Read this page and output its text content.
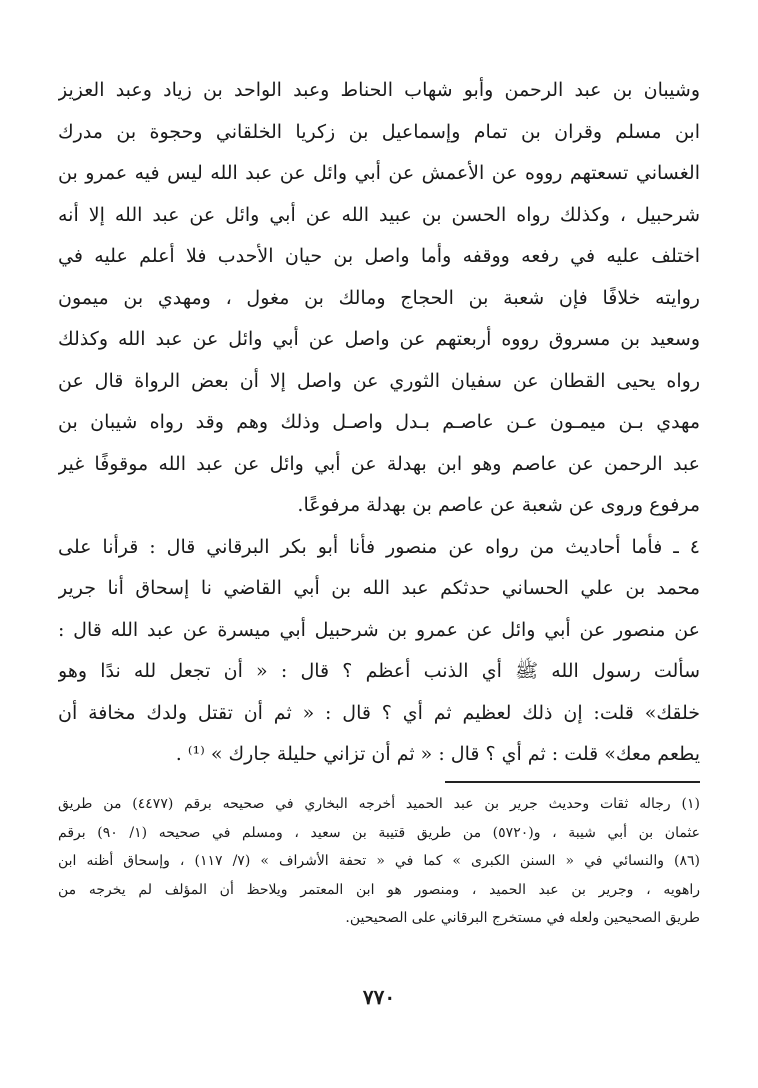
وشيبان بن عبد الرحمن وأبو شهاب الحناط وعبد الواحد بن زياد وعبد العزيز
ابن مسلم وقران بن تمام وإسماعيل بن زكريا الخلقاني وحجوة بن مدرك
الغساني تسعتهم رووه عن الأعمش عن أبي وائل عن عبد الله ليس فيه عمرو بن
شرحبيل ، وكذلك رواه الحسن بن عبيد الله عن أبي وائل عن عبد الله إلا أنه
اختلف عليه في رفعه ووقفه وأما واصل بن حيان الأحدب فلا أعلم عليه في
روايته خلافًا فإن شعبة بن الحجاج ومالك بن مغول ، ومهدي بن ميمون
وسعيد بن مسروق رووه أربعتهم عن واصل عن أبي وائل عن عبد الله وكذلك
رواه يحيى القطان عن سفيان الثوري عن واصل إلا أن بعض الرواة قال عن
مهدي بـن ميمـون عـن عاصـم بـدل واصـل وذلك وهم وقد رواه شيبان بن
عبد الرحمن عن عاصم وهو ابن بهدلة عن أبي وائل عن عبد الله موقوفًا غير
مرفوع وروى عن شعبة عن عاصم بن بهدلة مرفوعًا.
٤ ـ فأما أحاديث من رواه عن منصور فأنا أبو بكر البرقاني قال : قرأنا على
محمد بن علي الحساني حدثكم عبد الله بن أبي القاضي نا إسحاق أنا جرير
عن منصور عن أبي وائل عن عمرو بن شرحبيل أبي ميسرة عن عبد الله قال :
سألت رسول الله ﷺ أي الذنب أعظم ؟ قال : « أن تجعل لله ندًا وهو
خلقك» قلت: إن ذلك لعظيم ثم أي ؟ قال : « ثم أن تقتل ولدك مخافة أن
يطعم معك» قلت : ثم أي ؟ قال : « ثم أن تزاني حليلة جارك » ⁽¹⁾ .
(١) رجاله ثقات وحديث جرير بن عبد الحميد أخرجه البخاري في صحيحه برقم (٤٤٧٧) من طريق
عثمان بن أبي شيبة ، و(٥٧٢٠) من طريق قتيبة بن سعيد ، ومسلم في صحيحه (١/ ٩٠) برقم
(٨٦) والنسائي في « السنن الكبرى » كما في « تحفة الأشراف » (٧/ ١١٧) ، وإسحاق أظنه ابن
راهويه ، وجرير بن عبد الحميد ، ومنصور هو ابن المعتمر ويلاحظ أن المؤلف لم يخرجه من
طريق الصحيحين ولعله في مستخرج البرقاني على الصحيحين.
٧٧٠
